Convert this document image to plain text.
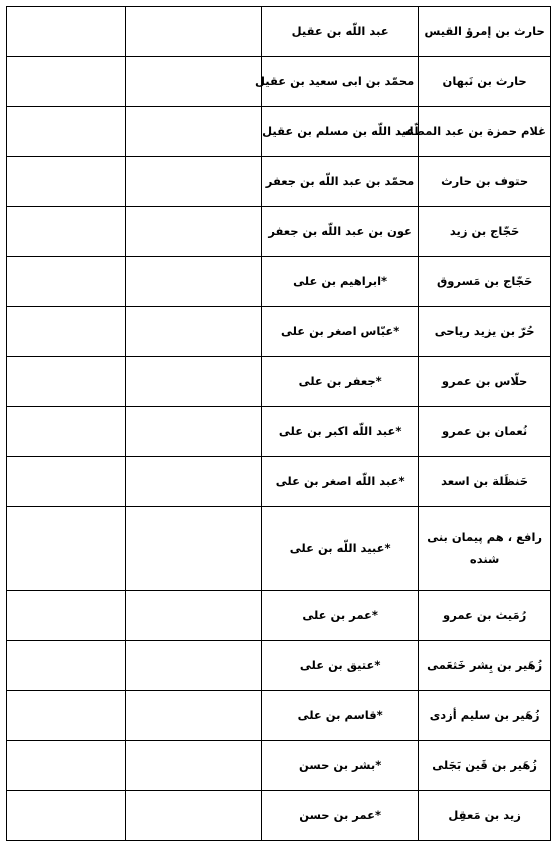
		عبد اللّه بن عقیل	حارث بن إمرؤ القيس
		محمّد بن ابی سعید بن عقیل	حارث بن نَبهان
		عبد اللّه بن مسلم بن عقیل	غلام حمزة بن عبد المطّلب
		محمّد بن عبد اللّه بن جعفر	حتوف بن حارث
		عون بن عبد اللّه بن جعفر	حَجّاج بن زید
		*ابراهیم بن علی	حَجّاج بن مَسروق
		*عبّاس اصغر بن علی	حُرّ بن یزید ریاحی
		*جعفر بن علی	حلّاس بن عمرو
		*عبد اللّه اکبر بن علی	نُعمان بن عمرو
		*عبد اللّه اصغر بن علی	حَنظَلة بن اسعد
		*عبید اللّه بن علی	رافع ، هم پیمان بنی شنده
		*عمر بن علی	رُمَیث بن عمرو
		*عتیق بن علی	زُهَیر بن بِشر خَثعَمی
		*قاسم بن علی	زُهَیر بن سلیم أزدی
		*بشر بن حسن	زُهَیر بن قَین بَجَلی
		*عمر بن حسن	زید بن مَعقِل
